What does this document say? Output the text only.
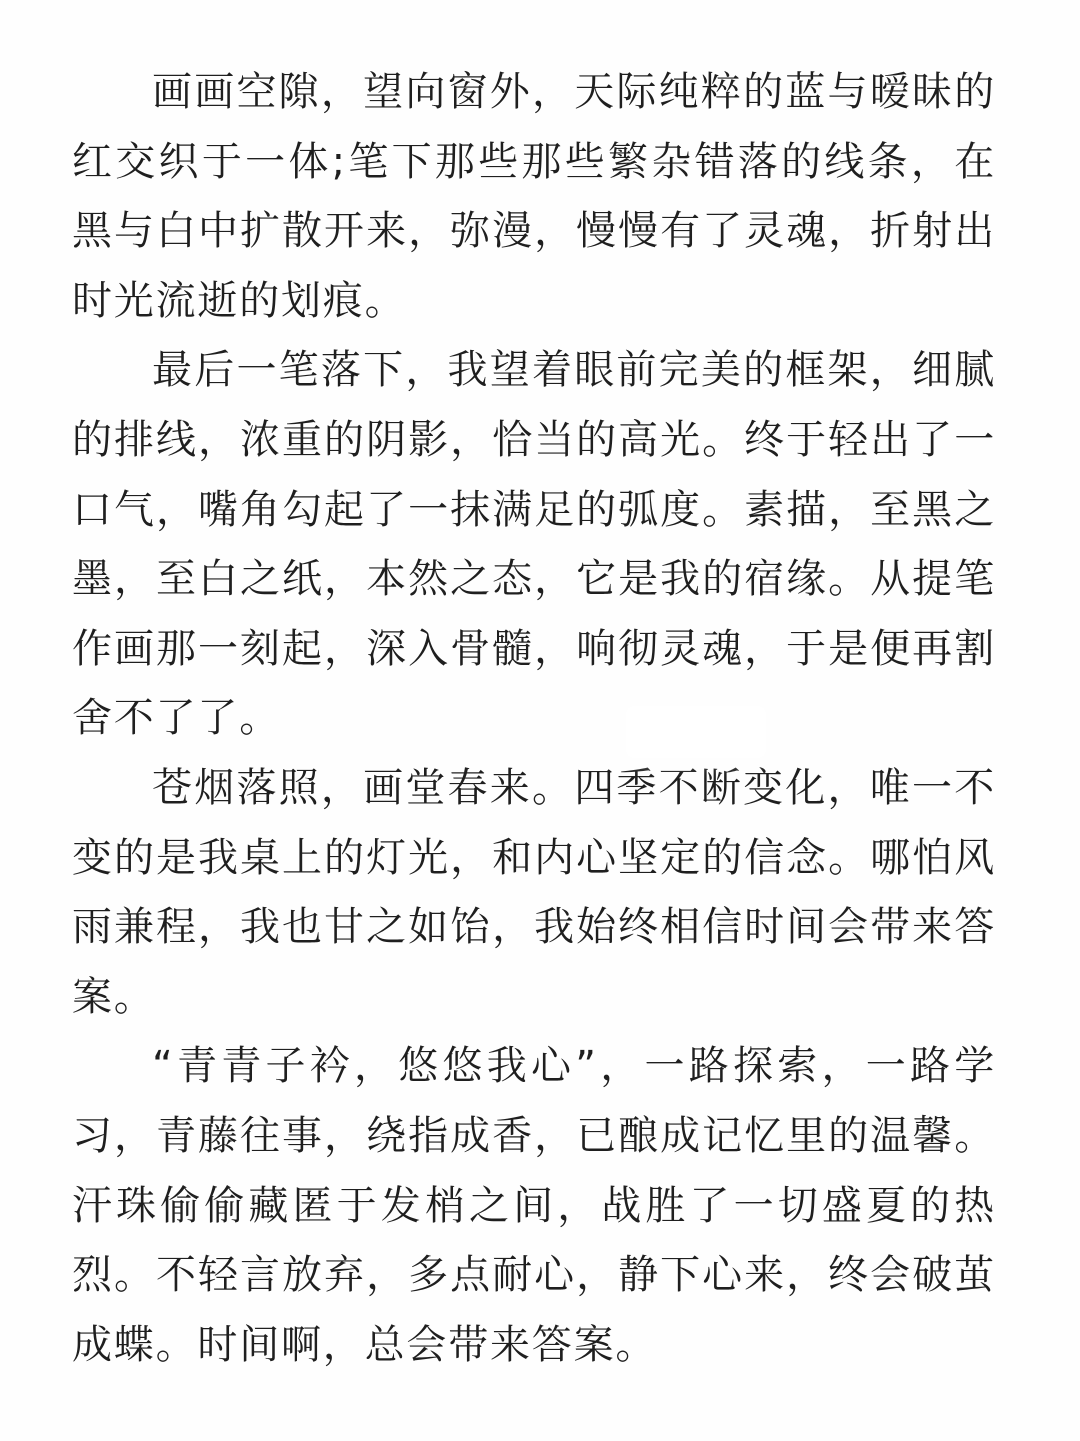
画画空隙，望向窗外，天际纯粹的蓝与暧昧的红交织于一体;笔下那些那些繁杂错落的线条，在黑与白中扩散开来，弥漫，慢慢有了灵魂，折射出时光流逝的划痕。

最后一笔落下，我望着眼前完美的框架，细腻的排线，浓重的阴影，恰当的高光。终于轻出了一口气，嘴角勾起了一抹满足的弧度。素描，至黑之墨，至白之纸，本然之态，它是我的宿缘。从提笔作画那一刻起，深入骨髓，响彻灵魂，于是便再割舍不了了。

苍烟落照，画堂春来。四季不断变化，唯一不变的是我桌上的灯光，和内心坚定的信念。哪怕风雨兼程，我也甘之如饴，我始终相信时间会带来答案。

“青青子衿，悠悠我心”，一路探索，一路学习，青藤往事，绕指成香，已酿成记忆里的温馨。汗珠偷偷藏匿于发梢之间，战胜了一切盛夏的热烈。不轻言放弃，多点耐心，静下心来，终会破茧成蝶。时间啊，总会带来答案。
